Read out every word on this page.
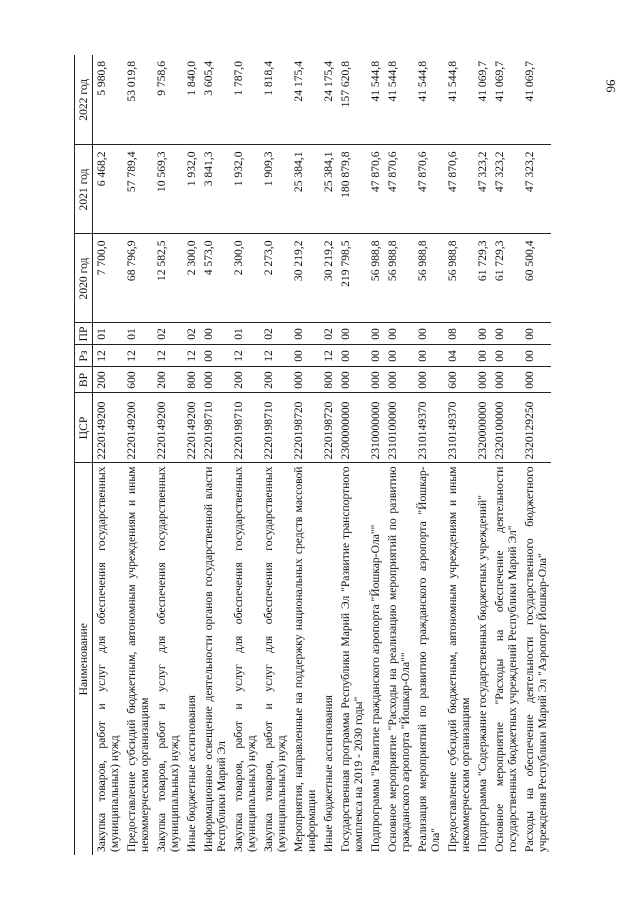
96
Наименование	ЦСР	ВР	Рз	ПР	2020 год	2021 год	2022 год
Закупка товаров, работ и услуг для обеспечения государственных (муниципальных) нужд	2220149200	200	12	01	7 700,0	6 468,2	5 980,8
Предоставление субсидий бюджетным, автономным учреждениям и иным некоммерческим организациям	2220149200	600	12	01	68 796,9	57 789,4	53 019,8
Закупка товаров, работ и услуг для обеспечения государственных (муниципальных) нужд	2220149200	200	12	02	12 582,5	10 569,3	9 758,6
Иные бюджетные ассигнования	2220149200	800	12	02	2 300,0	1 932,0	1 840,0
Информационное освещение деятельности органов государственной власти Республики Марий Эл	2220198710	000	00	00	4 573,0	3 841,3	3 605,4
Закупка товаров, работ и услуг для обеспечения государственных (муниципальных) нужд	2220198710	200	12	01	2 300,0	1 932,0	1 787,0
Закупка товаров, работ и услуг для обеспечения государственных (муниципальных) нужд	2220198710	200	12	02	2 273,0	1 909,3	1 818,4
Мероприятия, направленные на поддержку национальных средств массовой информации	2220198720	000	00	00	30 219,2	25 384,1	24 175,4
Иные бюджетные ассигнования	2220198720	800	12	02	30 219,2	25 384,1	24 175,4
Государственная программа Республики Марий Эл "Развитие транспортного комплекса на 2019 - 2030 годы"	2300000000	000	00	00	219 798,5	180 879,8	157 620,8
Подпрограмма "Развитие гражданского аэропорта "Йошкар-Ола""	2310000000	000	00	00	56 988,8	47 870,6	41 544,8
Основное мероприятие "Расходы на реализацию мероприятий по развитию гражданского аэропорта "Йошкар-Ола""	2310100000	000	00	00	56 988,8	47 870,6	41 544,8
Реализация мероприятий по развитию гражданского аэропорта "Йошкар-Ола"	2310149370	000	00	00	56 988,8	47 870,6	41 544,8
Предоставление субсидий бюджетным, автономным учреждениям и иным некоммерческим организациям	2310149370	600	04	08	56 988,8	47 870,6	41 544,8
Подпрограмма "Содержание государственных бюджетных учреждений"	2320000000	000	00	00	61 729,3	47 323,2	41 069,7
Основное мероприятие "Расходы на обеспечение деятельности государственных бюджетных учреждений Республики Марий Эл"	2320100000	000	00	00	61 729,3	47 323,2	41 069,7
Расходы на обеспечение деятельности государственного бюджетного учреждения Республики Марий Эл "Аэропорт Йошкар-Ола"	2320129250	000	00	00	60 500,4	47 323,2	41 069,7
